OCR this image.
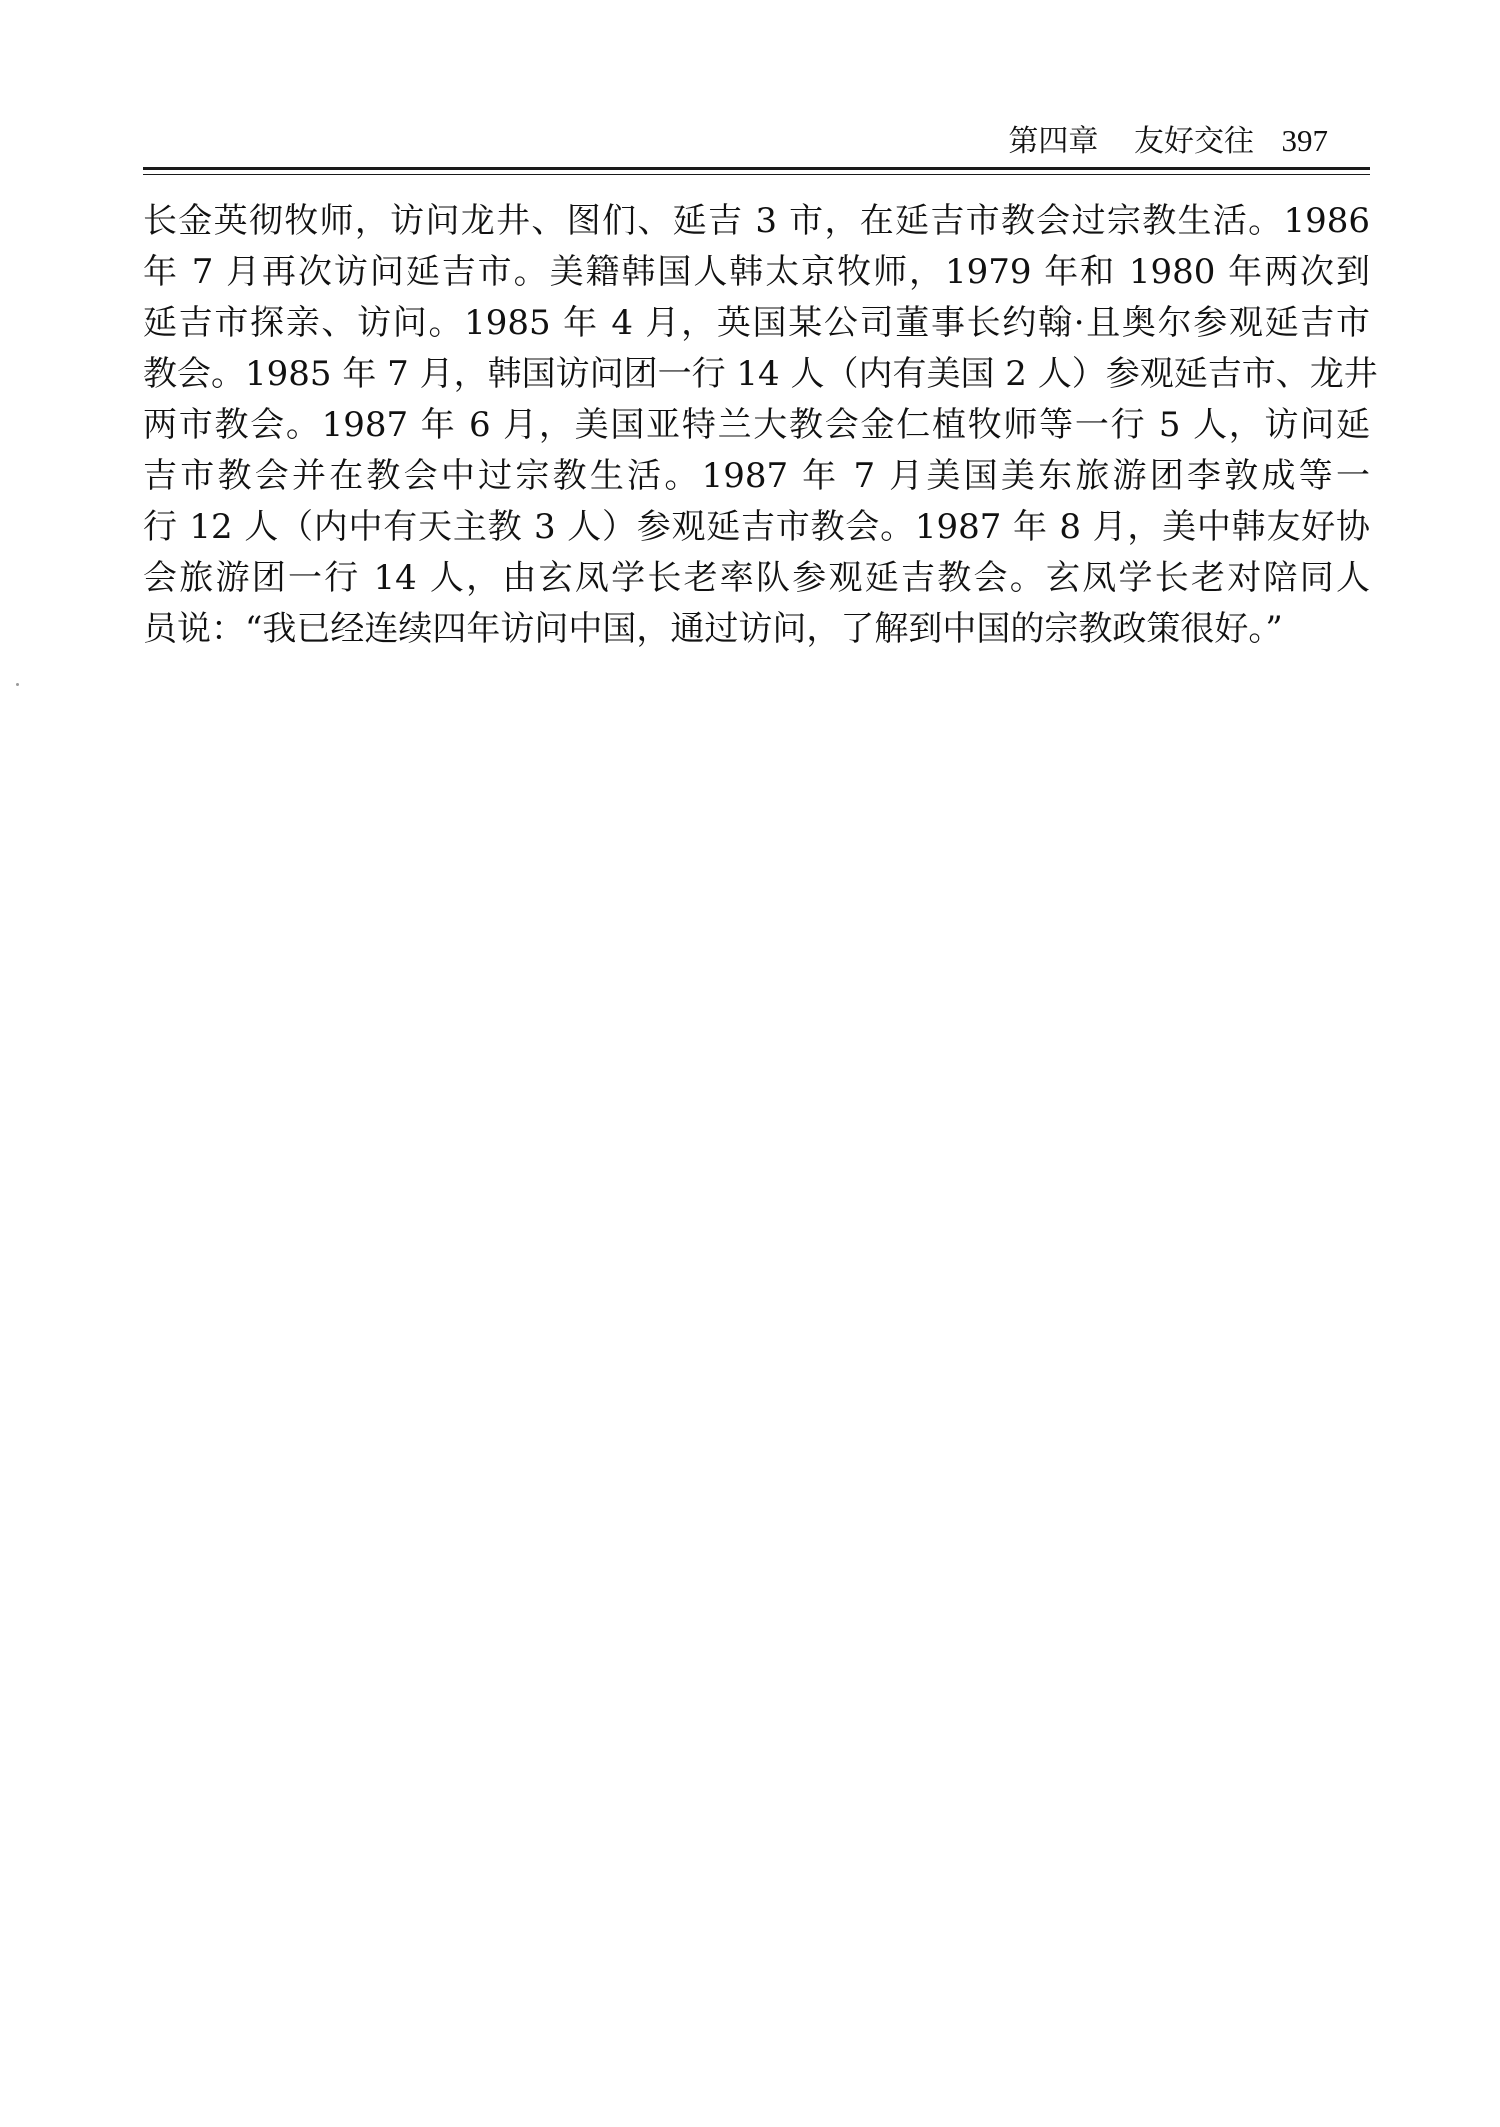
第四章 友好交往 397
长金英彻牧师，访问龙井、图们、延吉 3 市，在延吉市教会过宗教生活。1986
年 7 月再次访问延吉市。美籍韩国人韩太京牧师，1979 年和 1980 年两次到
延吉市探亲、访问。1985 年 4 月，英国某公司董事长约翰·且奥尔参观延吉市
教会。1985 年 7 月，韩国访问团一行 14 人（内有美国 2 人）参观延吉市、龙井
两市教会。1987 年 6 月，美国亚特兰大教会金仁植牧师等一行 5 人，访问延
吉市教会并在教会中过宗教生活。1987 年 7 月美国美东旅游团李敦成等一
行 12 人（内中有天主教 3 人）参观延吉市教会。1987 年 8 月，美中韩友好协
会旅游团一行 14 人，由玄凤学长老率队参观延吉教会。玄凤学长老对陪同人
员说：“我已经连续四年访问中国，通过访问，了解到中国的宗教政策很好。”
